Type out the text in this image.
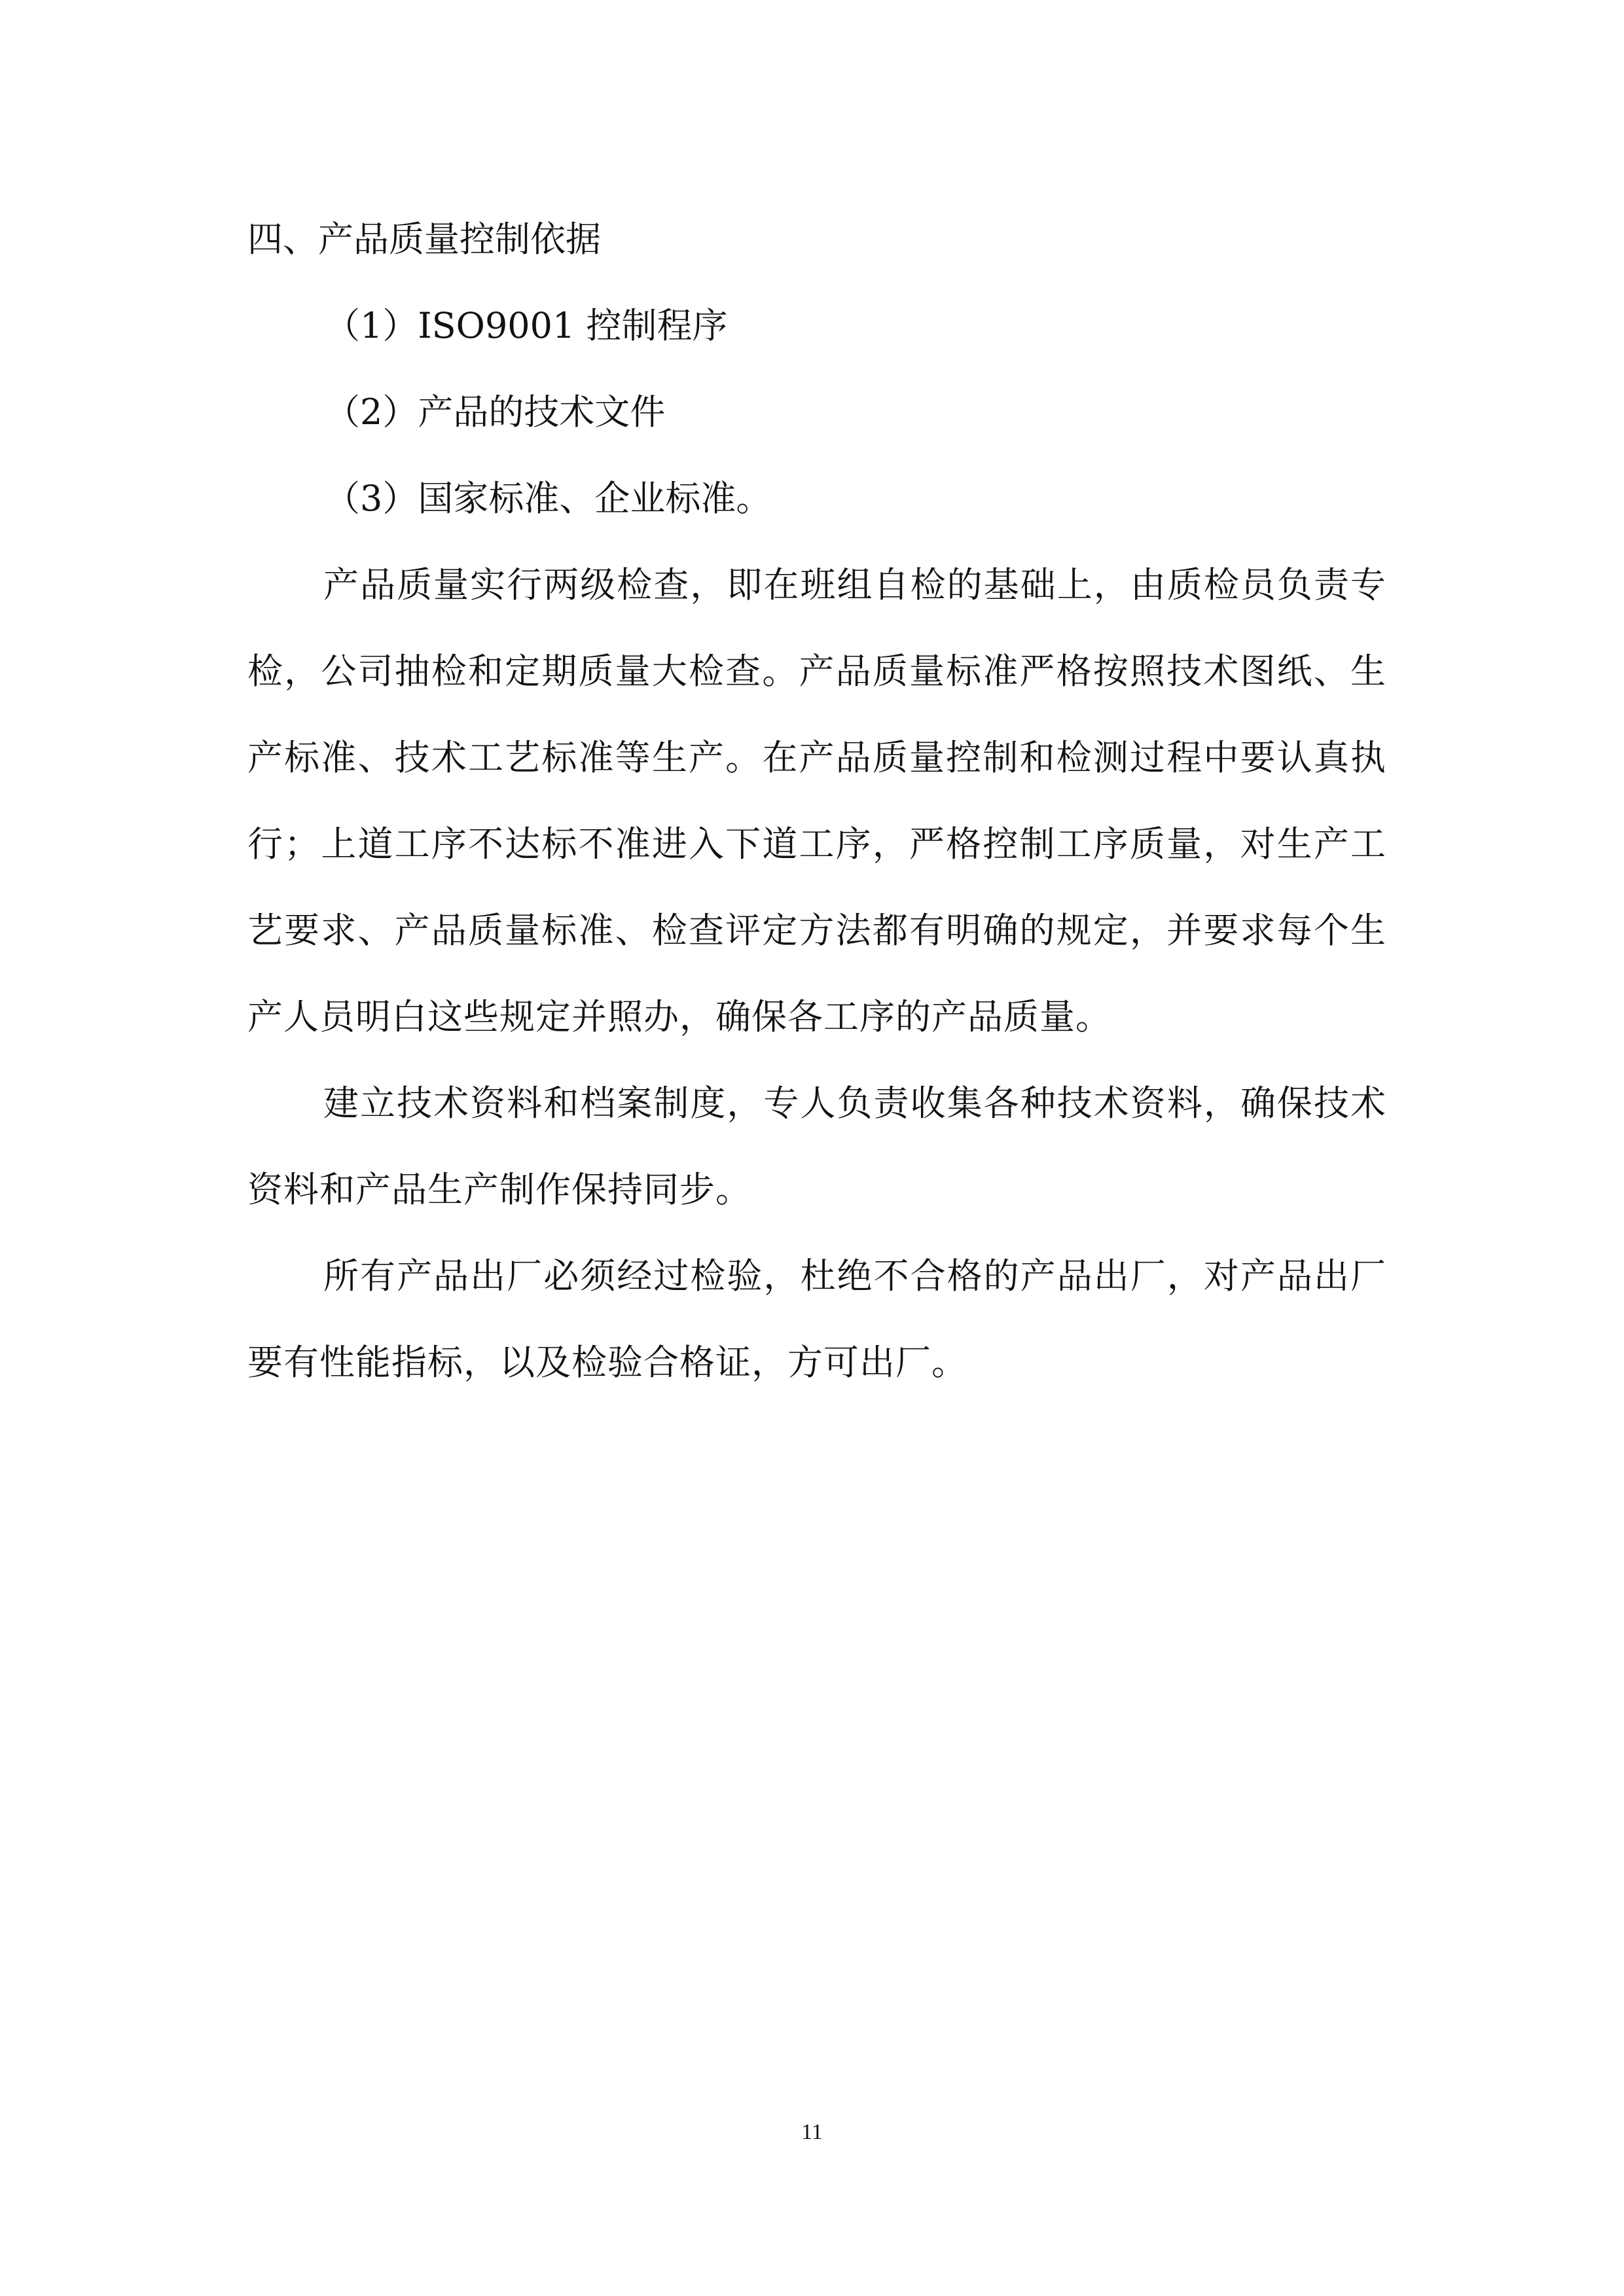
四、产品质量控制依据

（1）ISO9001 控制程序

（2）产品的技术文件

（3）国家标准、企业标准。

产品质量实行两级检查，即在班组自检的基础上，由质检员负责专检，公司抽检和定期质量大检查。产品质量标准严格按照技术图纸、生产标准、技术工艺标准等生产。在产品质量控制和检测过程中要认真执行；上道工序不达标不准进入下道工序，严格控制工序质量，对生产工艺要求、产品质量标准、检查评定方法都有明确的规定，并要求每个生产人员明白这些规定并照办，确保各工序的产品质量。

建立技术资料和档案制度，专人负责收集各种技术资料，确保技术资料和产品生产制作保持同步。

所有产品出厂必须经过检验，杜绝不合格的产品出厂，对产品出厂要有性能指标，以及检验合格证，方可出厂。

11
